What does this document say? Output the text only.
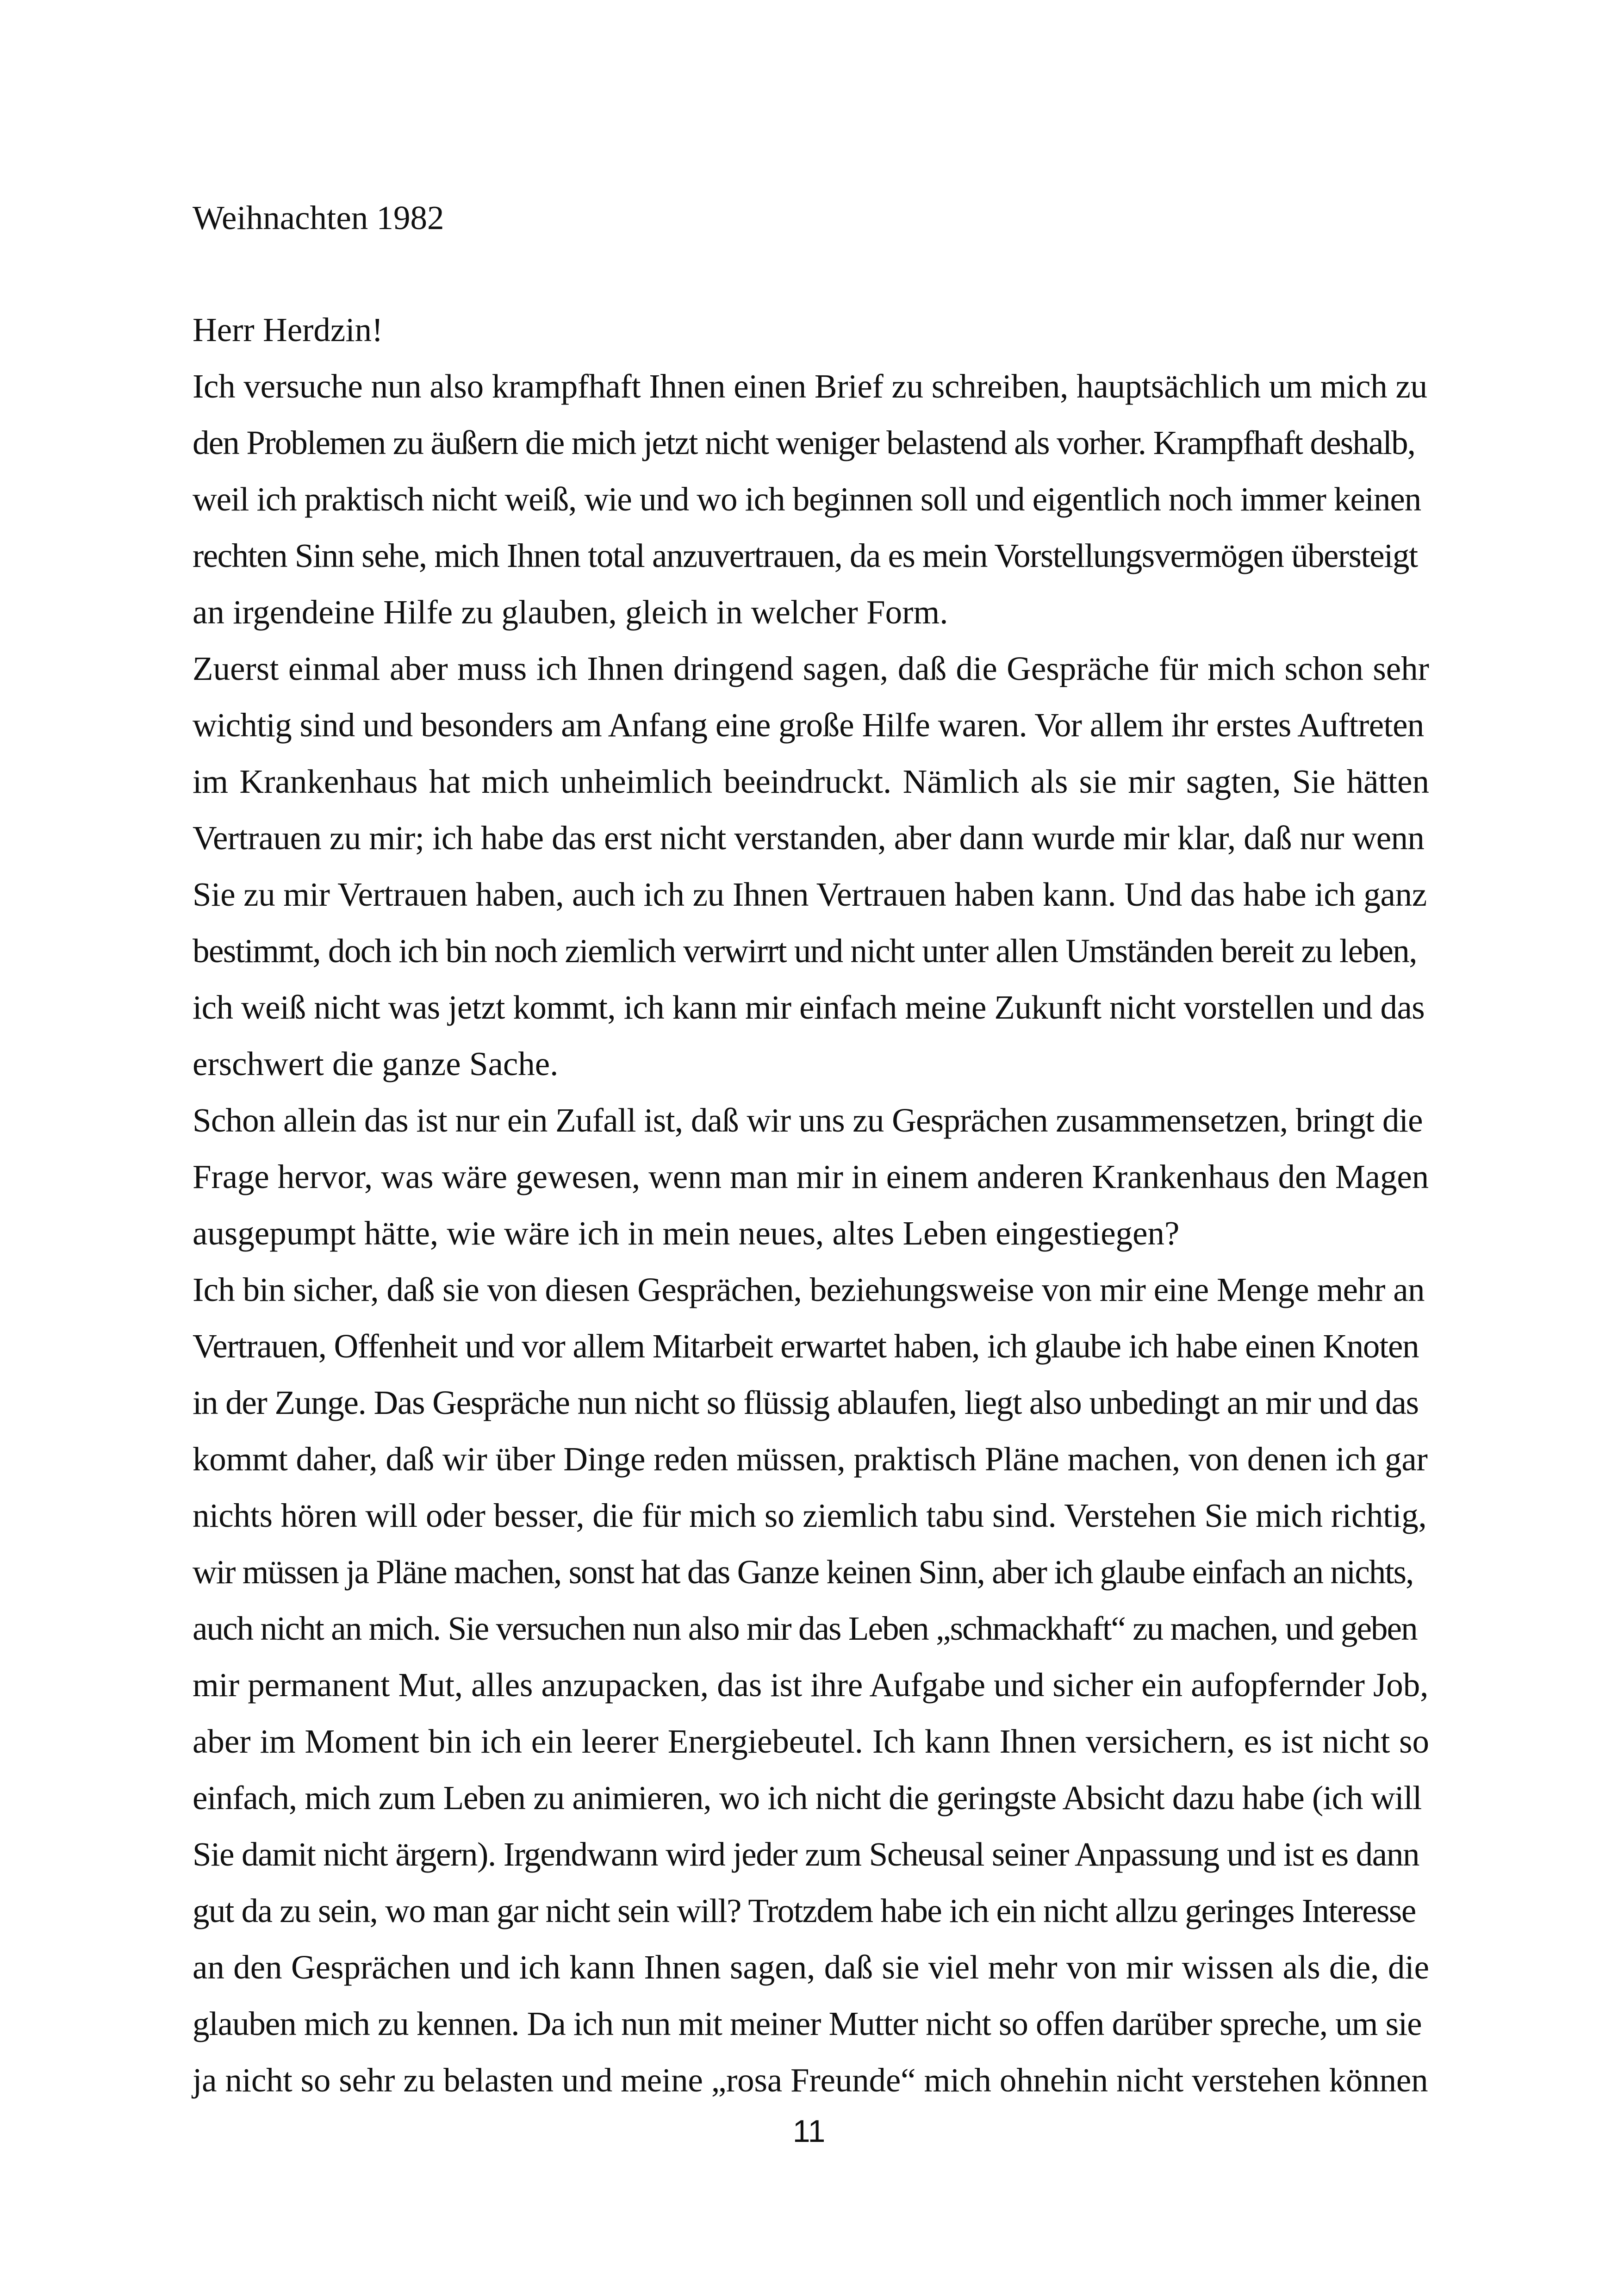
Weihnachten 1982
Herr Herdzin!
Ich versuche nun also krampfhaft Ihnen einen Brief zu schreiben, hauptsächlich um mich zu
den Problemen zu äußern die mich jetzt nicht weniger belastend als vorher. Krampfhaft deshalb,
weil ich praktisch nicht weiß, wie und wo ich beginnen soll und eigentlich noch immer keinen
rechten Sinn sehe, mich Ihnen total anzuvertrauen, da es mein Vorstellungsvermögen übersteigt
an irgendeine Hilfe zu glauben, gleich in welcher Form.
Zuerst einmal aber muss ich Ihnen dringend sagen, daß die Gespräche für mich schon sehr
wichtig sind und besonders am Anfang eine große Hilfe waren. Vor allem ihr erstes Auftreten
im Krankenhaus hat mich unheimlich beeindruckt. Nämlich als sie mir sagten, Sie hätten
Vertrauen zu mir; ich habe das erst nicht verstanden, aber dann wurde mir klar, daß nur wenn
Sie zu mir Vertrauen haben, auch ich zu Ihnen Vertrauen haben kann. Und das habe ich ganz
bestimmt, doch ich bin noch ziemlich verwirrt und nicht unter allen Umständen bereit zu leben,
ich weiß nicht was jetzt kommt, ich kann mir einfach meine Zukunft nicht vorstellen und das
erschwert die ganze Sache.
Schon allein das ist nur ein Zufall ist, daß wir uns zu Gesprächen zusammensetzen, bringt die
Frage hervor, was wäre gewesen, wenn man mir in einem anderen Krankenhaus den Magen
ausgepumpt hätte, wie wäre ich in mein neues, altes Leben eingestiegen?
Ich bin sicher, daß sie von diesen Gesprächen, beziehungsweise von mir eine Menge mehr an
Vertrauen, Offenheit und vor allem Mitarbeit erwartet haben, ich glaube ich habe einen Knoten
in der Zunge. Das Gespräche nun nicht so flüssig ablaufen, liegt also unbedingt an mir und das
kommt daher, daß wir über Dinge reden müssen, praktisch Pläne machen, von denen ich gar
nichts hören will oder besser, die für mich so ziemlich tabu sind. Verstehen Sie mich richtig,
wir müssen ja Pläne machen, sonst hat das Ganze keinen Sinn, aber ich glaube einfach an nichts,
auch nicht an mich. Sie versuchen nun also mir das Leben „schmackhaft“ zu machen, und geben
mir permanent Mut, alles anzupacken, das ist ihre Aufgabe und sicher ein aufopfernder Job,
aber im Moment bin ich ein leerer Energiebeutel. Ich kann Ihnen versichern, es ist nicht so
einfach, mich zum Leben zu animieren, wo ich nicht die geringste Absicht dazu habe (ich will
Sie damit nicht ärgern). Irgendwann wird jeder zum Scheusal seiner Anpassung und ist es dann
gut da zu sein, wo man gar nicht sein will? Trotzdem habe ich ein nicht allzu geringes Interesse
an den Gesprächen und ich kann Ihnen sagen, daß sie viel mehr von mir wissen als die, die
glauben mich zu kennen. Da ich nun mit meiner Mutter nicht so offen darüber spreche, um sie
ja nicht so sehr zu belasten und meine „rosa Freunde“ mich ohnehin nicht verstehen können
11
